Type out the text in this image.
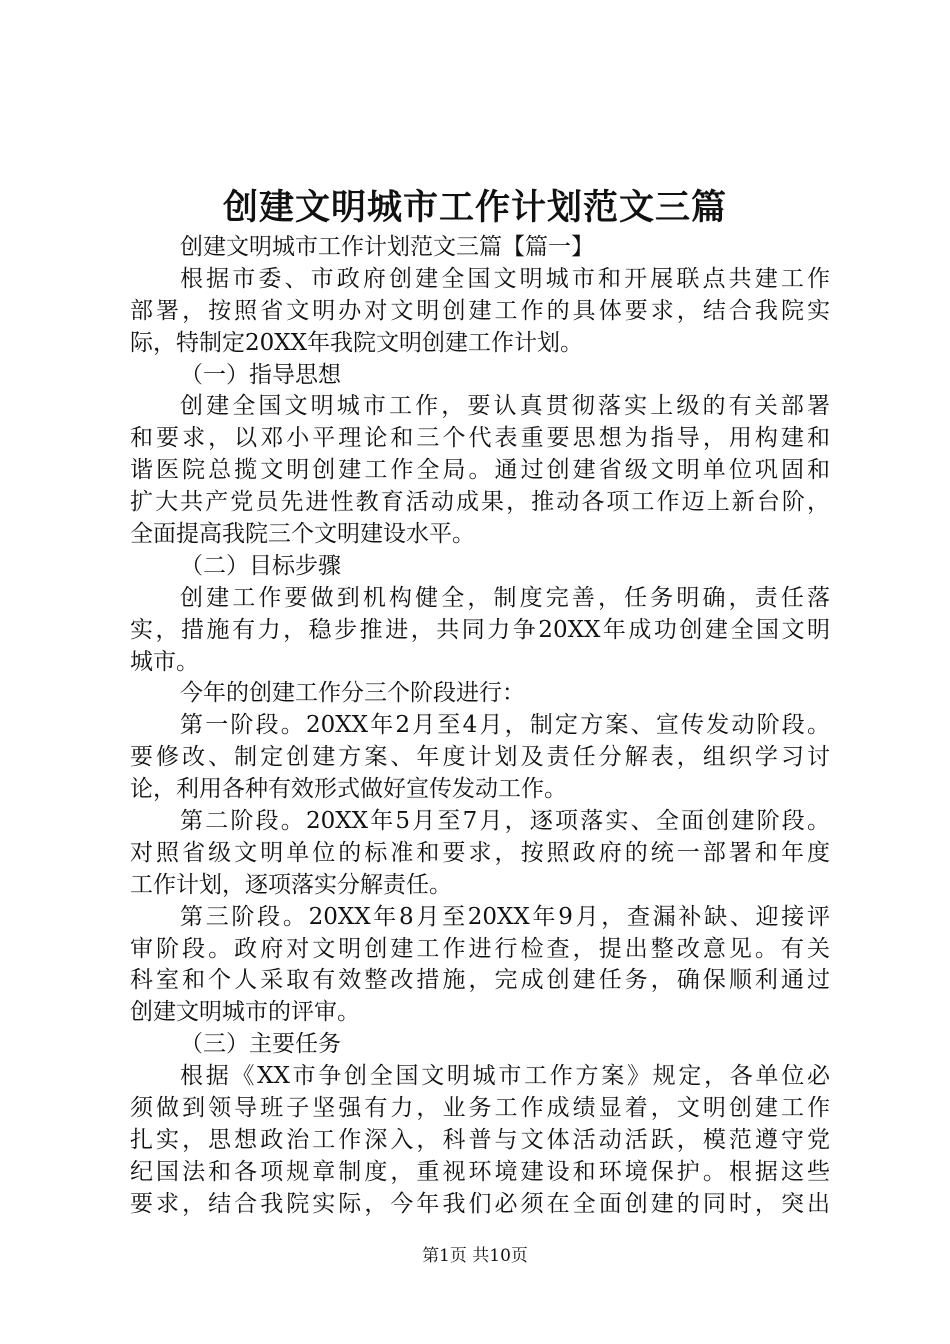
创建文明城市工作计划范文三篇
创建文明城市工作计划范文三篇【篇一】
根据市委、市政府创建全国文明城市和开展联点共建工作
部署，按照省文明办对文明创建工作的具体要求，结合我院实
际，特制定20XX年我院文明创建工作计划。
（一）指导思想
创建全国文明城市工作，要认真贯彻落实上级的有关部署
和要求，以邓小平理论和三个代表重要思想为指导，用构建和
谐医院总揽文明创建工作全局。通过创建省级文明单位巩固和
扩大共产党员先进性教育活动成果，推动各项工作迈上新台阶，
全面提高我院三个文明建设水平。
（二）目标步骤
创建工作要做到机构健全，制度完善，任务明确，责任落
实，措施有力，稳步推进，共同力争20XX年成功创建全国文明
城市。
今年的创建工作分三个阶段进行：
第一阶段。20XX年2月至4月，制定方案、宣传发动阶段。
要修改、制定创建方案、年度计划及责任分解表，组织学习讨
论，利用各种有效形式做好宣传发动工作。
第二阶段。20XX年5月至7月，逐项落实、全面创建阶段。
对照省级文明单位的标准和要求，按照政府的统一部署和年度
工作计划，逐项落实分解责任。
第三阶段。20XX年8月至20XX年9月，查漏补缺、迎接评
审阶段。政府对文明创建工作进行检查，提出整改意见。有关
科室和个人采取有效整改措施，完成创建任务，确保顺利通过
创建文明城市的评审。
（三）主要任务
根据《XX市争创全国文明城市工作方案》规定，各单位必
须做到领导班子坚强有力，业务工作成绩显着，文明创建工作
扎实，思想政治工作深入，科普与文体活动活跃，模范遵守党
纪国法和各项规章制度，重视环境建设和环境保护。根据这些
要求，结合我院实际，今年我们必须在全面创建的同时，突出
第1页 共10页
